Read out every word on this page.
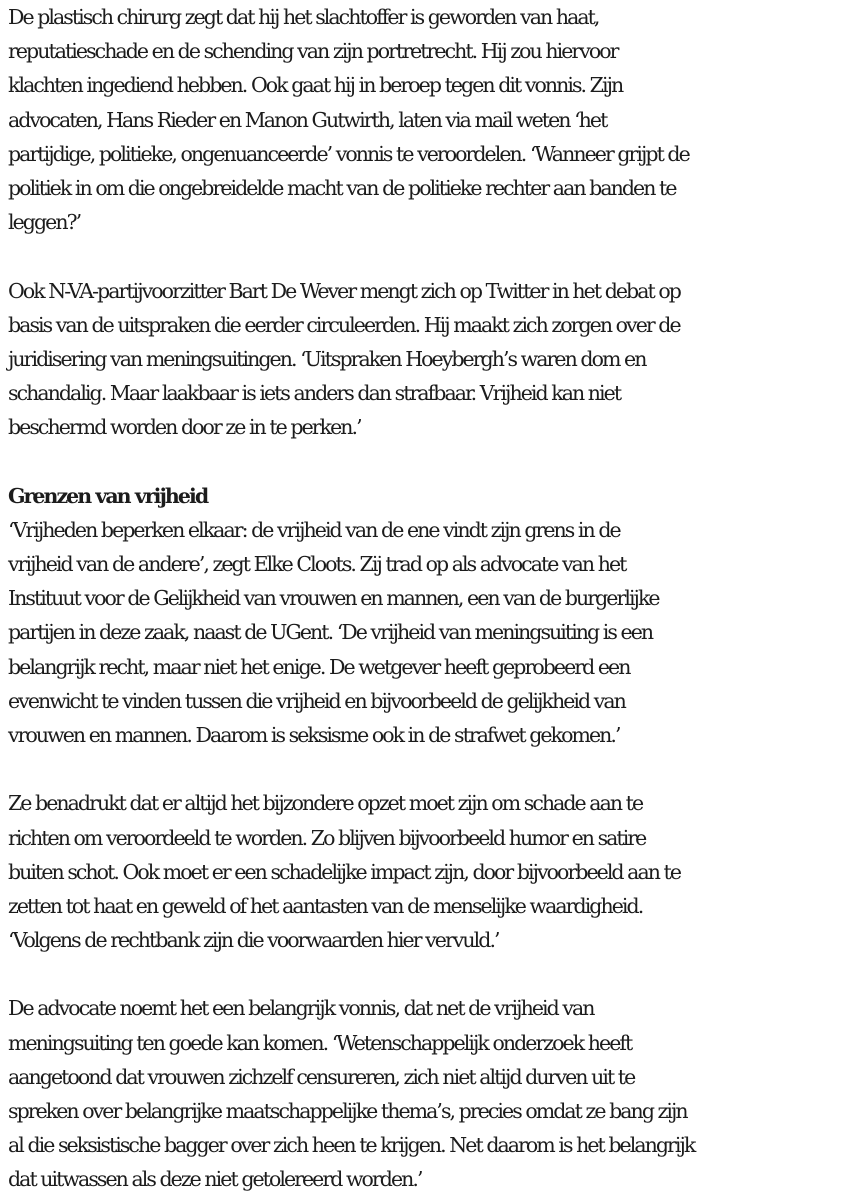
De plastisch chirurg zegt dat hij het slachtoffer is geworden van haat,
reputatieschade en de schending van zijn portretrecht. Hij zou hiervoor
klachten ingediend hebben. Ook gaat hij in beroep tegen dit vonnis. Zijn
advocaten, Hans Rieder en Manon Gutwirth, laten via mail weten ‘het
partijdige, politieke, ongenuanceerde’ vonnis te veroordelen. ‘Wanneer grijpt de
politiek in om die ongebreidelde macht van de politieke rechter aan banden te
leggen?’
Ook N-VA-partijvoorzitter Bart De Wever mengt zich op Twitter in het debat op
basis van de uitspraken die eerder circuleerden. Hij maakt zich zorgen over de
juridisering van meningsuitingen. ‘Uitspraken Hoeybergh’s waren dom en
schandalig. Maar laakbaar is iets anders dan strafbaar. Vrijheid kan niet
beschermd worden door ze in te perken.’
Grenzen van vrijheid
‘Vrijheden beperken elkaar: de vrijheid van de ene vindt zijn grens in de
vrijheid van de andere’, zegt Elke Cloots. Zij trad op als advocate van het
Instituut voor de Gelijkheid van vrouwen en mannen, een van de burgerlijke
partijen in deze zaak, naast de UGent. ‘De vrijheid van meningsuiting is een
belangrijk recht, maar niet het enige. De wetgever heeft geprobeerd een
evenwicht te vinden tussen die vrijheid en bijvoorbeeld de gelijkheid van
vrouwen en mannen. Daarom is seksisme ook in de strafwet gekomen.’
Ze benadrukt dat er altijd het bijzondere opzet moet zijn om schade aan te
richten om veroordeeld te worden. Zo blijven bijvoorbeeld humor en satire
buiten schot. Ook moet er een schadelijke impact zijn, door bijvoorbeeld aan te
zetten tot haat en geweld of het aantasten van de menselijke waardigheid.
‘Volgens de rechtbank zijn die voorwaarden hier vervuld.’
De advocate noemt het een belangrijk vonnis, dat net de vrijheid van
meningsuiting ten goede kan komen. ‘Wetenschappelijk onderzoek heeft
aangetoond dat vrouwen zichzelf censureren, zich niet altijd durven uit te
spreken over belangrijke maatschappelijke thema’s, precies omdat ze bang zijn
al die seksistische bagger over zich heen te krijgen. Net daarom is het belangrijk
dat uitwassen als deze niet getolereerd worden.’
